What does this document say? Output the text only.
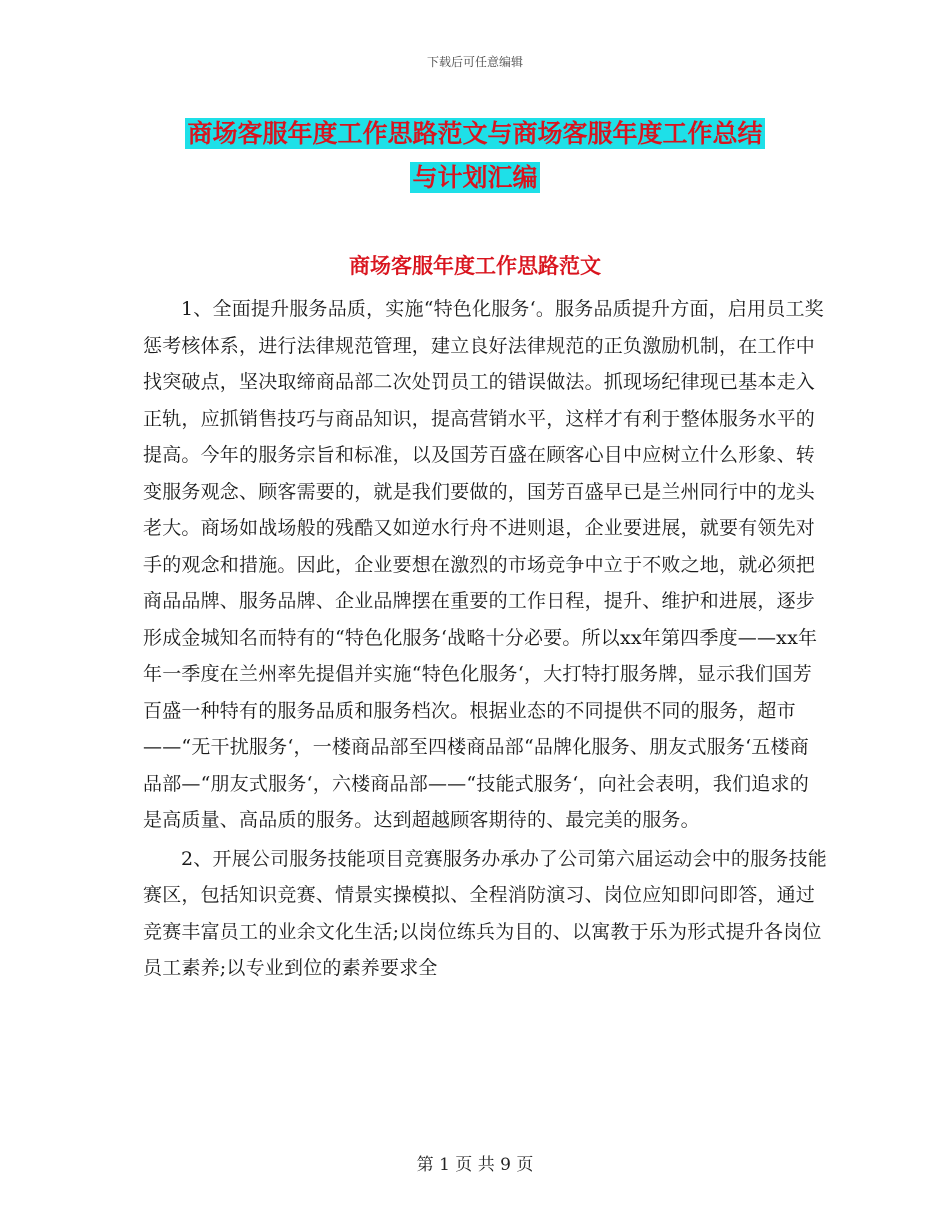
下载后可任意编辑
商场客服年度工作思路范文与商场客服年度工作总结
与计划汇编
商场客服年度工作思路范文

1、全面提升服务品质，实施“特色化服务‘。服务品质提升方面，启用员工奖惩考核体系，进行法律规范管理，建立良好法律规范的正负激励机制，在工作中找突破点，坚决取缔商品部二次处罚员工的错误做法。抓现场纪律现已基本走入正轨，应抓销售技巧与商品知识，提高营销水平，这样才有利于整体服务水平的提高。今年的服务宗旨和标准，以及国芳百盛在顾客心目中应树立什么形象、转变服务观念、顾客需要的，就是我们要做的，国芳百盛早已是兰州同行中的龙头老大。商场如战场般的残酷又如逆水行舟不进则退，企业要进展，就要有领先对手的观念和措施。因此，企业要想在激烈的市场竞争中立于不败之地，就必须把商品品牌、服务品牌、企业品牌摆在重要的工作日程，提升、维护和进展，逐步形成金城知名而特有的“特色化服务‘战略十分必要。所以xx年第四季度——xx年年一季度在兰州率先提倡并实施“特色化服务‘，大打特打服务牌，显示我们国芳百盛一种特有的服务品质和服务档次。根据业态的不同提供不同的服务，超市——“无干扰服务‘，一楼商品部至四楼商品部“品牌化服务、朋友式服务‘五楼商品部—“朋友式服务‘，六楼商品部——“技能式服务‘，向社会表明，我们追求的是高质量、高品质的服务。达到超越顾客期待的、最完美的服务。

2、开展公司服务技能项目竞赛服务办承办了公司第六届运动会中的服务技能赛区，包括知识竞赛、情景实操模拟、全程消防演习、岗位应知即问即答，通过竞赛丰富员工的业余文化生活;以岗位练兵为目的、以寓教于乐为形式提升各岗位员工素养;以专业到位的素养要求全

第 1 页 共 9 页
